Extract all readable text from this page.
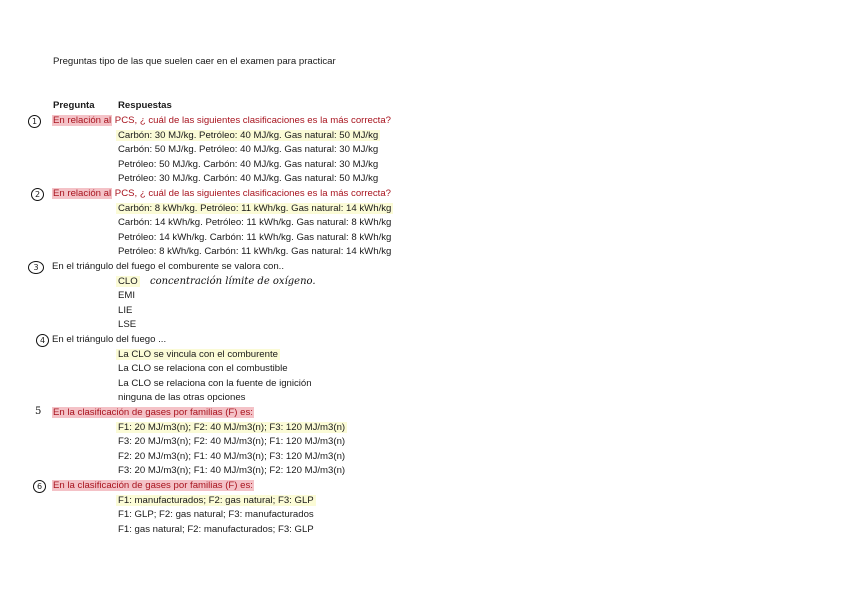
Preguntas tipo de las que suelen caer en el examen para practicar
Pregunta Respuestas
1	En relación al PCS, ¿ cuál de las siguientes clasificaciones es la más correcta?
Carbón: 30 MJ/kg. Petróleo: 40 MJ/kg. Gas natural: 50 MJ/kg
Carbón: 50 MJ/kg. Petróleo: 40 MJ/kg. Gas natural: 30 MJ/kg
Petróleo: 50 MJ/kg. Carbón: 40 MJ/kg. Gas natural: 30 MJ/kg
Petróleo: 30 MJ/kg. Carbón: 40 MJ/kg. Gas natural: 50 MJ/kg
2	En relación al PCS, ¿ cuál de las siguientes clasificaciones es la más correcta?
Carbón: 8 kWh/kg. Petróleo: 11 kWh/kg. Gas natural: 14 kWh/kg
Carbón: 14 kWh/kg. Petróleo: 11 kWh/kg. Gas natural: 8 kWh/kg
Petróleo: 14 kWh/kg. Carbón: 11 kWh/kg. Gas natural: 8 kWh/kg
Petróleo: 8 kWh/kg. Carbón: 11 kWh/kg. Gas natural: 14 kWh/kg
3	En el triángulo del fuego el comburente se valora con..
CLO concentración límite de oxígeno.
EMI
LIE
LSE
4 En el triángulo del fuego ...
La CLO se vincula con el comburente
La CLO se relaciona con el combustible
La CLO se relaciona con la fuente de ignición
ninguna de las otras opciones
5 En la clasificación de gases por familias (F) es:
F1: 20 MJ/m3(n); F2: 40 MJ/m3(n); F3: 120 MJ/m3(n)
F3: 20 MJ/m3(n); F2: 40 MJ/m3(n); F1: 120 MJ/m3(n)
F2: 20 MJ/m3(n); F1: 40 MJ/m3(n); F3: 120 MJ/m3(n)
F3: 20 MJ/m3(n); F1: 40 MJ/m3(n); F2: 120 MJ/m3(n)
6	En la clasificación de gases por familias (F) es:
F1: manufacturados; F2: gas natural; F3: GLP
F1: GLP; F2: gas natural; F3: manufacturados
F1: gas natural; F2: manufacturados; F3: GLP
